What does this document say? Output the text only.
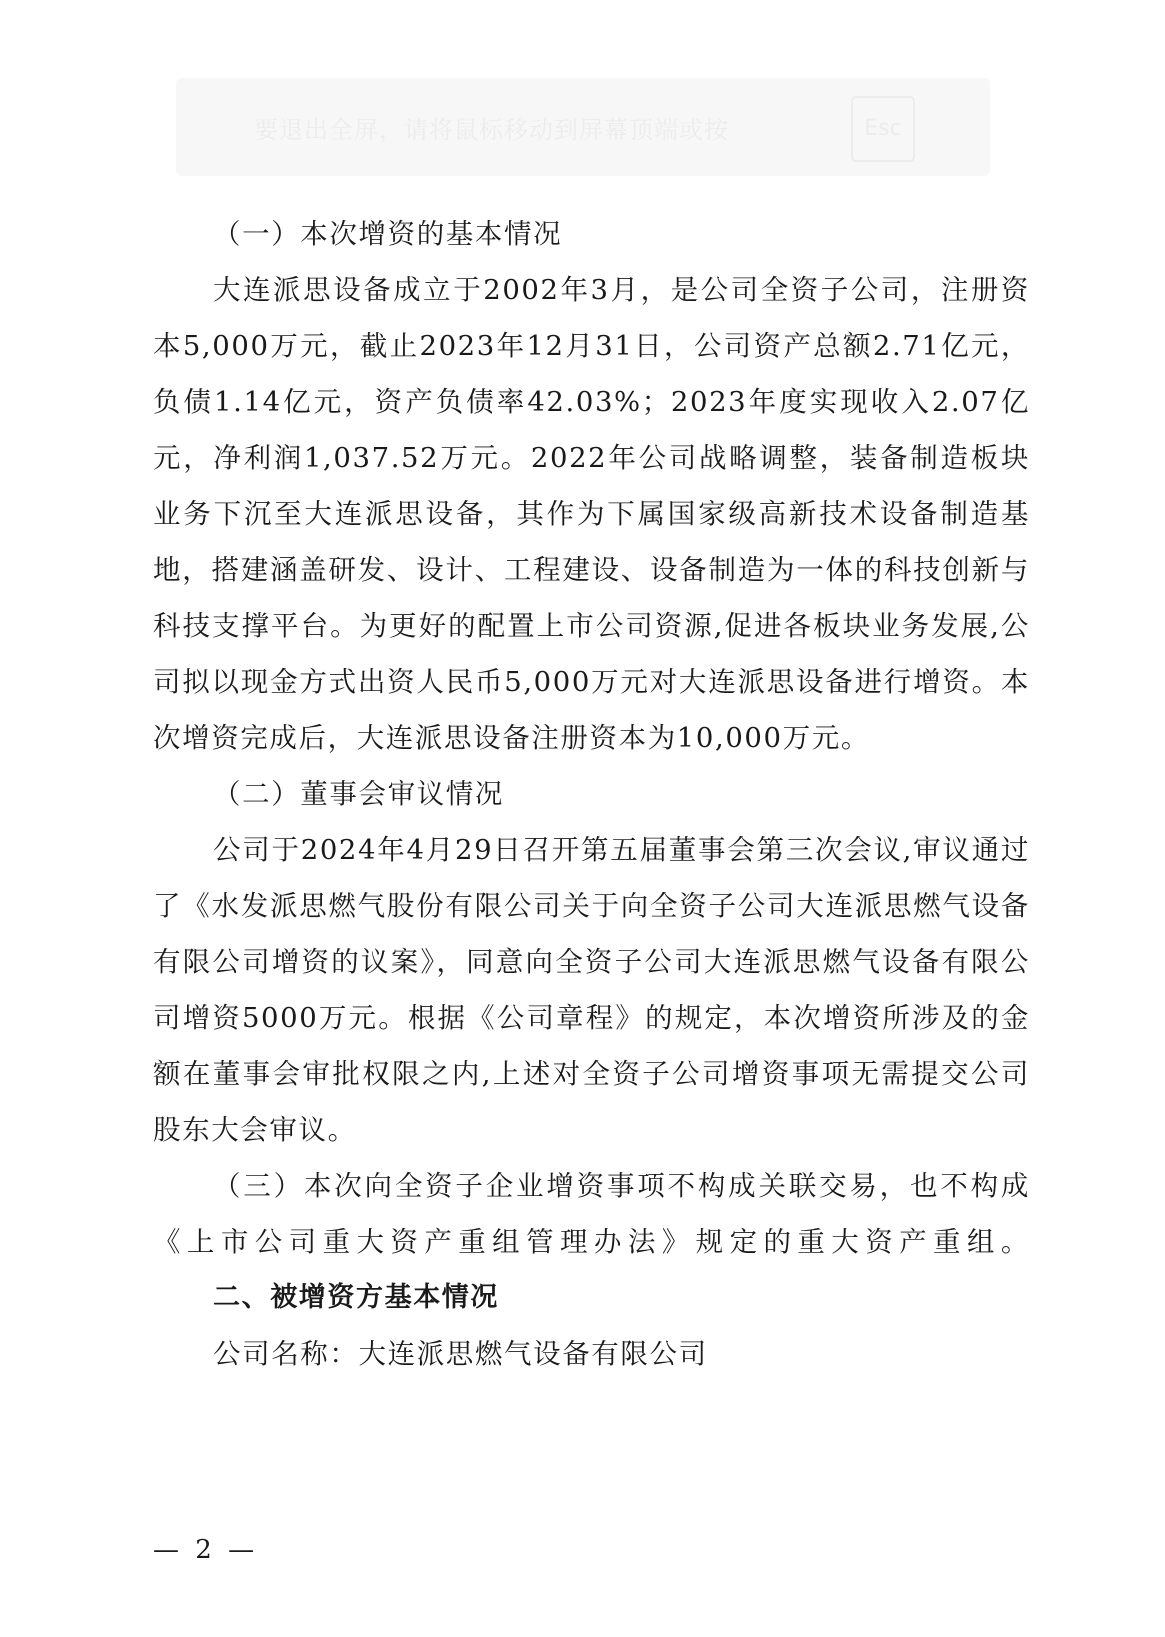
要退出全屏，请将鼠标移动到屏幕顶端或按	Esc

（一）本次增资的基本情况

大连派思设备成立于2002年3月，是公司全资子公司，注册资本5,000万元，截止2023年12月31日，公司资产总额2.71亿元，负债1.14亿元，资产负债率42.03%；2023年度实现收入2.07亿元，净利润1,037.52万元。2022年公司战略调整，装备制造板块业务下沉至大连派思设备，其作为下属国家级高新技术设备制造基地，搭建涵盖研发、设计、工程建设、设备制造为一体的科技创新与科技支撑平台。为更好的配置上市公司资源,促进各板块业务发展,公司拟以现金方式出资人民币5,000万元对大连派思设备进行增资。本次增资完成后，大连派思设备注册资本为10,000万元。

（二）董事会审议情况

公司于2024年4月29日召开第五届董事会第三次会议,审议通过了《水发派思燃气股份有限公司关于向全资子公司大连派思燃气设备有限公司增资的议案》，同意向全资子公司大连派思燃气设备有限公司增资5000万元。根据《公司章程》的规定，本次增资所涉及的金额在董事会审批权限之内,上述对全资子公司增资事项无需提交公司股东大会审议。

（三）本次向全资子企业增资事项不构成关联交易，也不构成《上市公司重大资产重组管理办法》规定的重大资产重组。

二、被增资方基本情况

公司名称：大连派思燃气设备有限公司

— 2 —
